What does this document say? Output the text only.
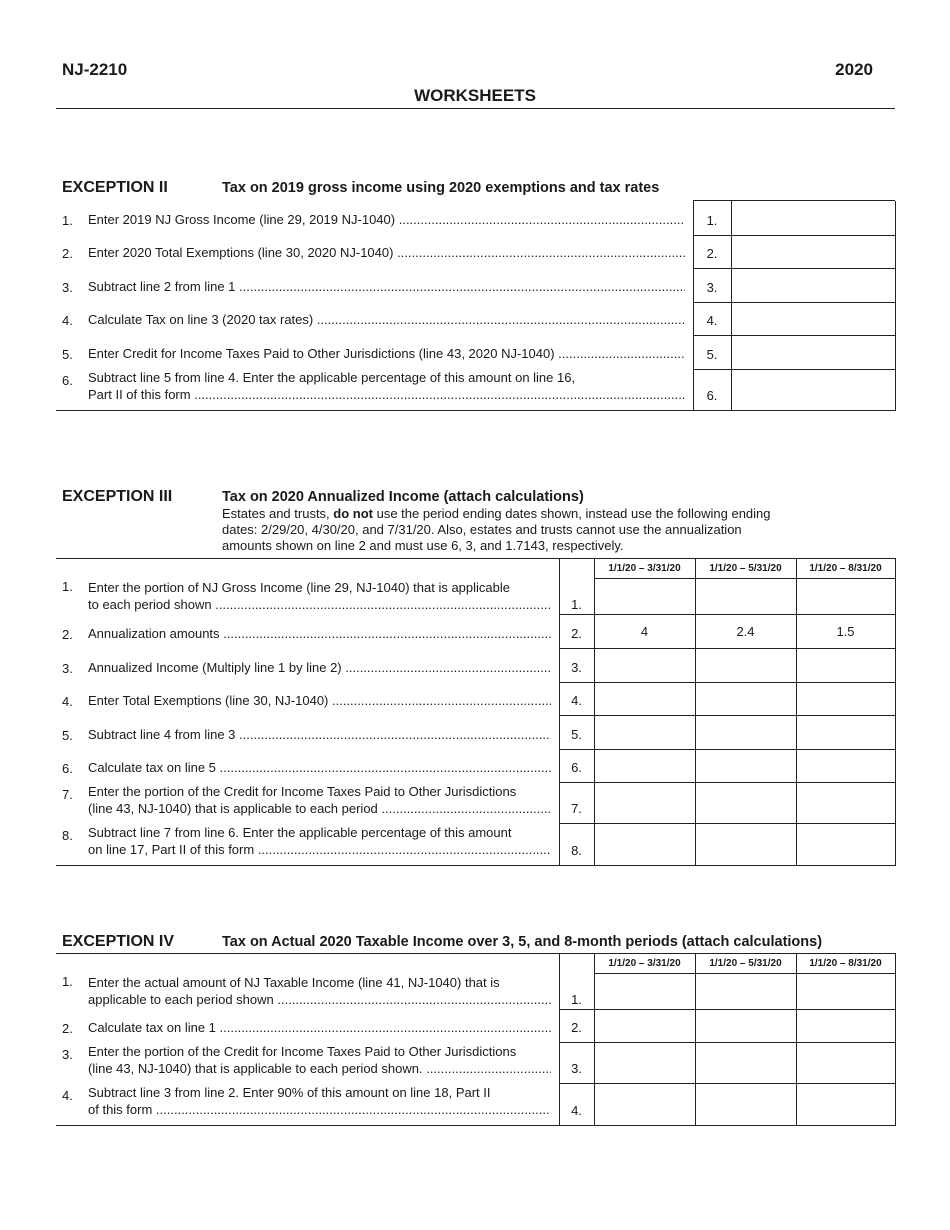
NJ-2210	2020
WORKSHEETS
EXCEPTION II	Tax on 2019 gross income using 2020 exemptions and tax rates

1.	Enter 2019 NJ Gross Income (line 29, 2019 NJ-1040) .....	1.	
2.	Enter 2020 Total Exemptions (line 30, 2020 NJ-1040) .....	2.	
3.	Subtract line 2 from line 1 .....	3.	
4.	Calculate Tax on line 3 (2020 tax rates) .....	4.	
5.	Enter Credit for Income Taxes Paid to Other Jurisdictions (line 43, 2020 NJ-1040) .....	5.	
6.	Subtract line 5 from line 4. Enter the applicable percentage of this amount on line 16,
Part II of this form .....	6.	
EXCEPTION III	Tax on 2020 Annualized Income (attach calculations)
Estates and trusts, do not use the period ending dates shown, instead use the following ending dates: 2/29/20, 4/30/20, and 7/31/20. Also, estates and trusts cannot use the annualization amounts shown on line 2 and must use 6, 3, and 1.7143, respectively.
			1/1/20 – 3/31/20	1/1/20 – 5/31/20	1/1/20 – 8/31/20
1.	Enter the portion of NJ Gross Income (line 29, NJ-1040) that is applicable
to each period shown .....	1.			
2.	Annualization amounts .....	2.	4	2.4	1.5
3.	Annualized Income (Multiply line 1 by line 2) .....	3.			
4.	Enter Total Exemptions (line 30, NJ-1040) .....	4.			
5.	Subtract line 4 from line 3 .....	5.			
6.	Calculate tax on line 5 .....	6.			
7.	Enter the portion of the Credit for Income Taxes Paid to Other Jurisdictions
(line 43, NJ-1040) that is applicable to each period .....	7.			
8.	Subtract line 7 from line 6. Enter the applicable percentage of this amount
on line 17, Part II of this form .....	8.			
EXCEPTION IV	Tax on Actual 2020 Taxable Income over 3, 5, and 8-month periods (attach calculations)
			1/1/20 – 3/31/20	1/1/20 – 5/31/20	1/1/20 – 8/31/20
1.	Enter the actual amount of NJ Taxable Income (line 41, NJ-1040) that is
applicable to each period shown .....	1.			
2.	Calculate tax on line 1 .....	2.			
3.	Enter the portion of the Credit for Income Taxes Paid to Other Jurisdictions
(line 43, NJ-1040) that is applicable to each period shown. .....	3.			
4.	Subtract line 3 from line 2. Enter 90% of this amount on line 18, Part II
of this form .....	4.			
